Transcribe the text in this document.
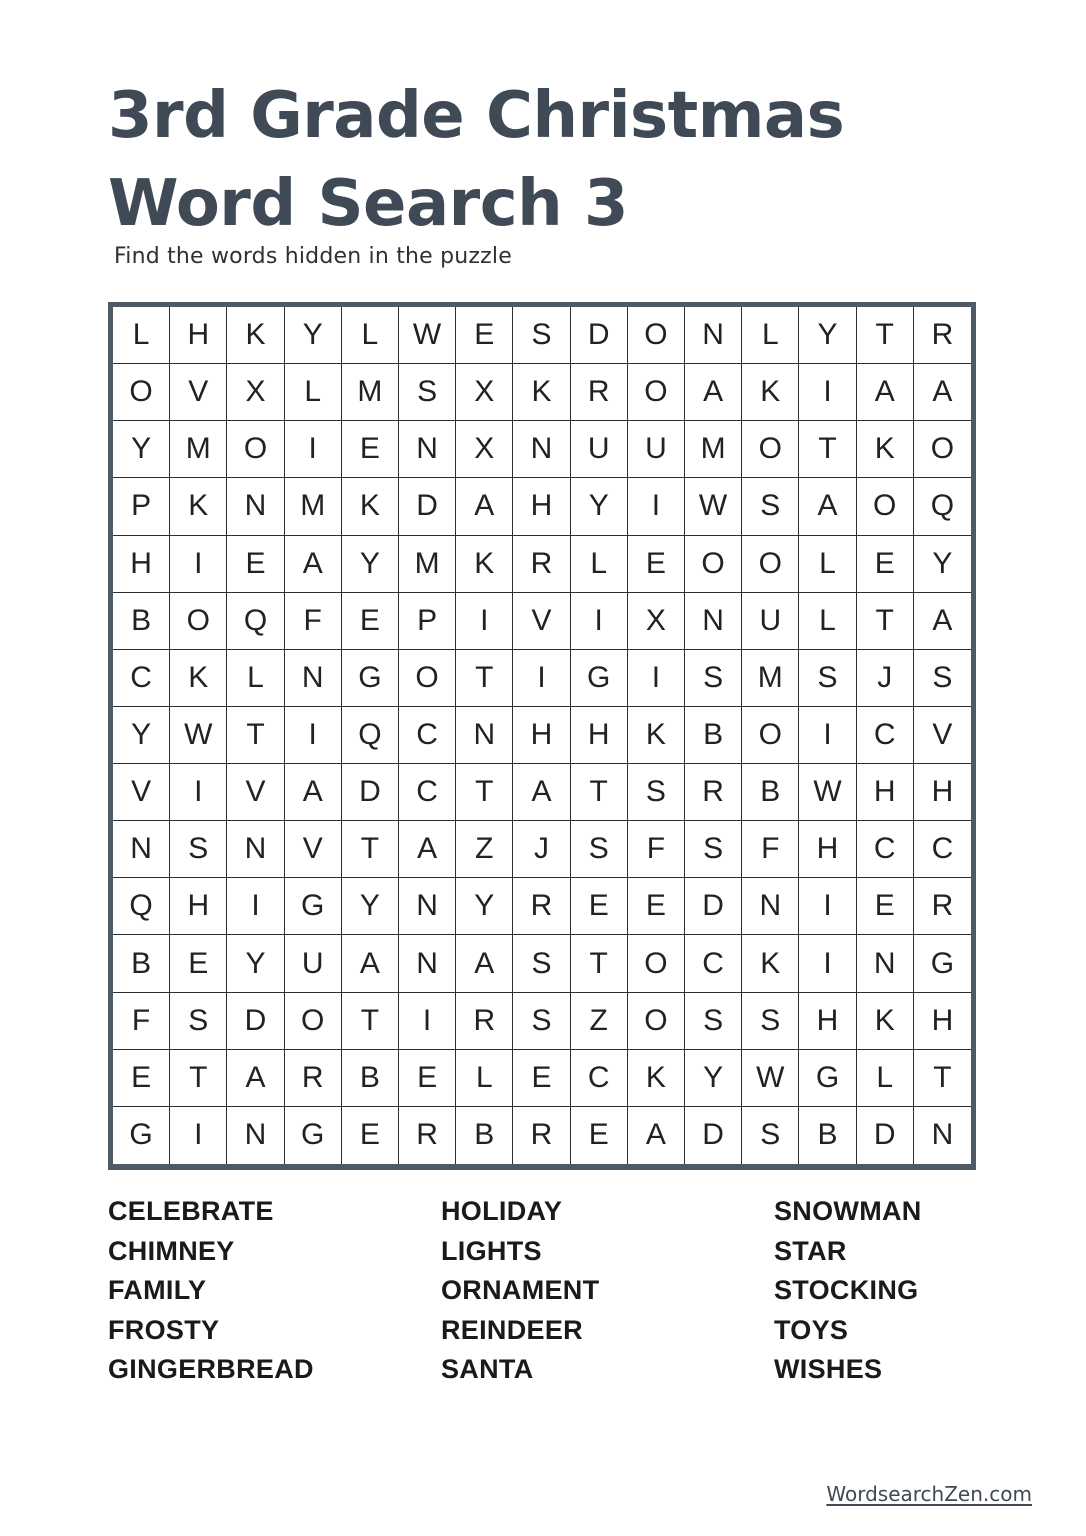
3rd Grade Christmas
Word Search 3
Find the words hidden in the puzzle
L	H	K	Y	L	W	E	S	D	O	N	L	Y	T	R
O	V	X	L	M	S	X	K	R	O	A	K	I	A	A
Y	M	O	I	E	N	X	N	U	U	M	O	T	K	O
P	K	N	M	K	D	A	H	Y	I	W	S	A	O	Q
H	I	E	A	Y	M	K	R	L	E	O	O	L	E	Y
B	O	Q	F	E	P	I	V	I	X	N	U	L	T	A
C	K	L	N	G	O	T	I	G	I	S	M	S	J	S
Y	W	T	I	Q	C	N	H	H	K	B	O	I	C	V
V	I	V	A	D	C	T	A	T	S	R	B	W	H	H
N	S	N	V	T	A	Z	J	S	F	S	F	H	C	C
Q	H	I	G	Y	N	Y	R	E	E	D	N	I	E	R
B	E	Y	U	A	N	A	S	T	O	C	K	I	N	G
F	S	D	O	T	I	R	S	Z	O	S	S	H	K	H
E	T	A	R	B	E	L	E	C	K	Y	W	G	L	T
G	I	N	G	E	R	B	R	E	A	D	S	B	D	N
CELEBRATE
CHIMNEY
FAMILY
FROSTY
GINGERBREAD
HOLIDAY
LIGHTS
ORNAMENT
REINDEER
SANTA
SNOWMAN
STAR
STOCKING
TOYS
WISHES
WordsearchZen.com
